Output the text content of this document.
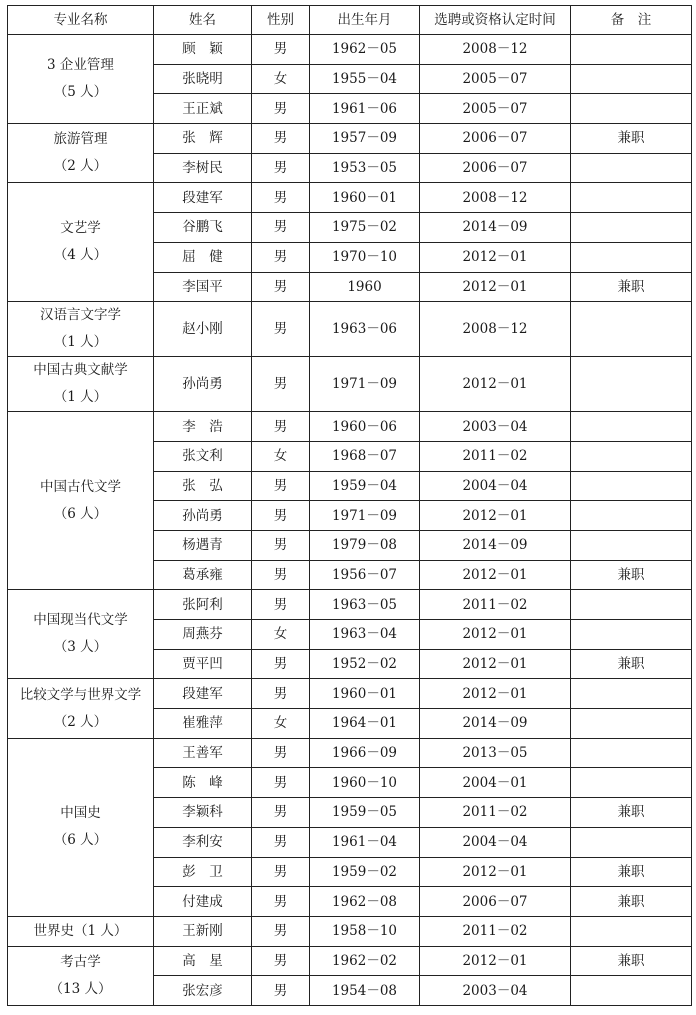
专业名称	姓名	性别	出生年月	选聘或资格认定时间	备　注

3 企业管理
（5 人）	顾　颖	男	1962－05	2008－12	
	张晓明	女	1955－04	2005－07	
	王正斌	男	1961－06	2005－07	

旅游管理
（2 人）	张　辉	男	1957－09	2006－07	兼职
	李树民	男	1953－05	2006－07	

文艺学
（4 人）	段建军	男	1960－01	2008－12	
	谷鹏飞	男	1975－02	2014－09	
	屈　健	男	1970－10	2012－01	
	李国平	男	1960	2012－01	兼职

汉语言文字学
（1 人）	赵小刚	男	1963－06	2008－12	

中国古典文献学
（1 人）	孙尚勇	男	1971－09	2012－01	

中国古代文学
（6 人）	李　浩	男	1960－06	2003－04	
	张文利	女	1968－07	2011－02	
	张　弘	男	1959－04	2004－04	
	孙尚勇	男	1971－09	2012－01	
	杨遇青	男	1979－08	2014－09	
	葛承雍	男	1956－07	2012－01	兼职

中国现当代文学
（3 人）	张阿利	男	1963－05	2011－02	
	周燕芬	女	1963－04	2012－01	
	贾平凹	男	1952－02	2012－01	兼职

比较文学与世界文学
（2 人）	段建军	男	1960－01	2012－01	
	崔雅萍	女	1964－01	2014－09	

中国史
（6 人）	王善军	男	1966－09	2013－05	
	陈　峰	男	1960－10	2004－01	
	李颖科	男	1959－05	2011－02	兼职
	李利安	男	1961－04	2004－04	
	彭　卫	男	1959－02	2012－01	兼职
	付建成	男	1962－08	2006－07	兼职

世界史（1 人）	王新刚	男	1958－10	2011－02	

考古学
（13 人）	高　星	男	1962－02	2012－01	兼职
	张宏彦	男	1954－08	2003－04	
